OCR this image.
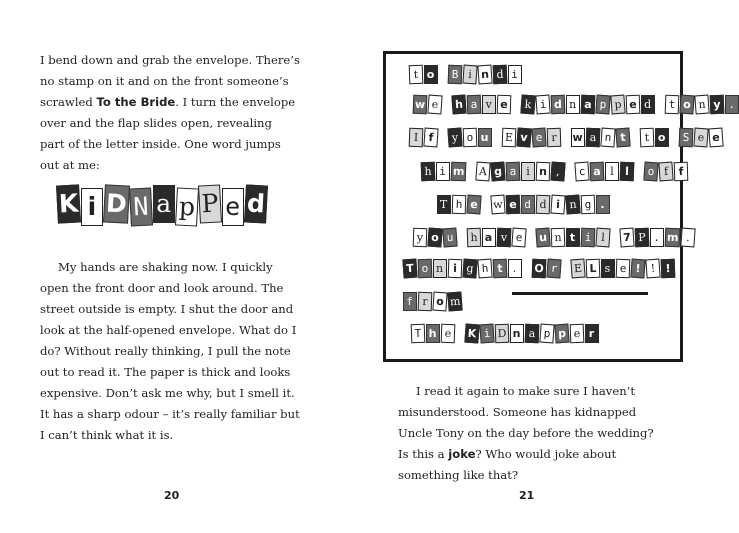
I bend down and grab the envelope. There’s no stamp on it and on the front someone’s scrawled To the Bride. I turn the envelope over and the flap slides open, revealing part of the letter inside. One word jumps out at me:

K i D N a p P e d

My hands are shaking now. I quickly open the front door and look around. The street outside is empty. I shut the door and look at the half-opened envelope. What do I do? Without really thinking, I pull the note out to read it. The paper is thick and looks expensive. Don’t ask me why, but I smell it. It has a sharp odour – it’s really familiar but I can’t think what it is.

20
t o B i n d i
w e h a v e k i d n a p p e d t o n y .
I f y o u E v e r w a n t t o S e e
h i m A g a i n , c a l l o f f
T h e w e d d i n g .
y o u h a v e u n t i l 7 P . m .
T o n i g h t . O r E L s e ! ! !
f r o m
T h e K i D n a p p e r

I read it again to make sure I haven’t misunderstood. Someone has kidnapped Uncle Tony on the day before the wedding? Is this a joke? Who would joke about something like that?

21
